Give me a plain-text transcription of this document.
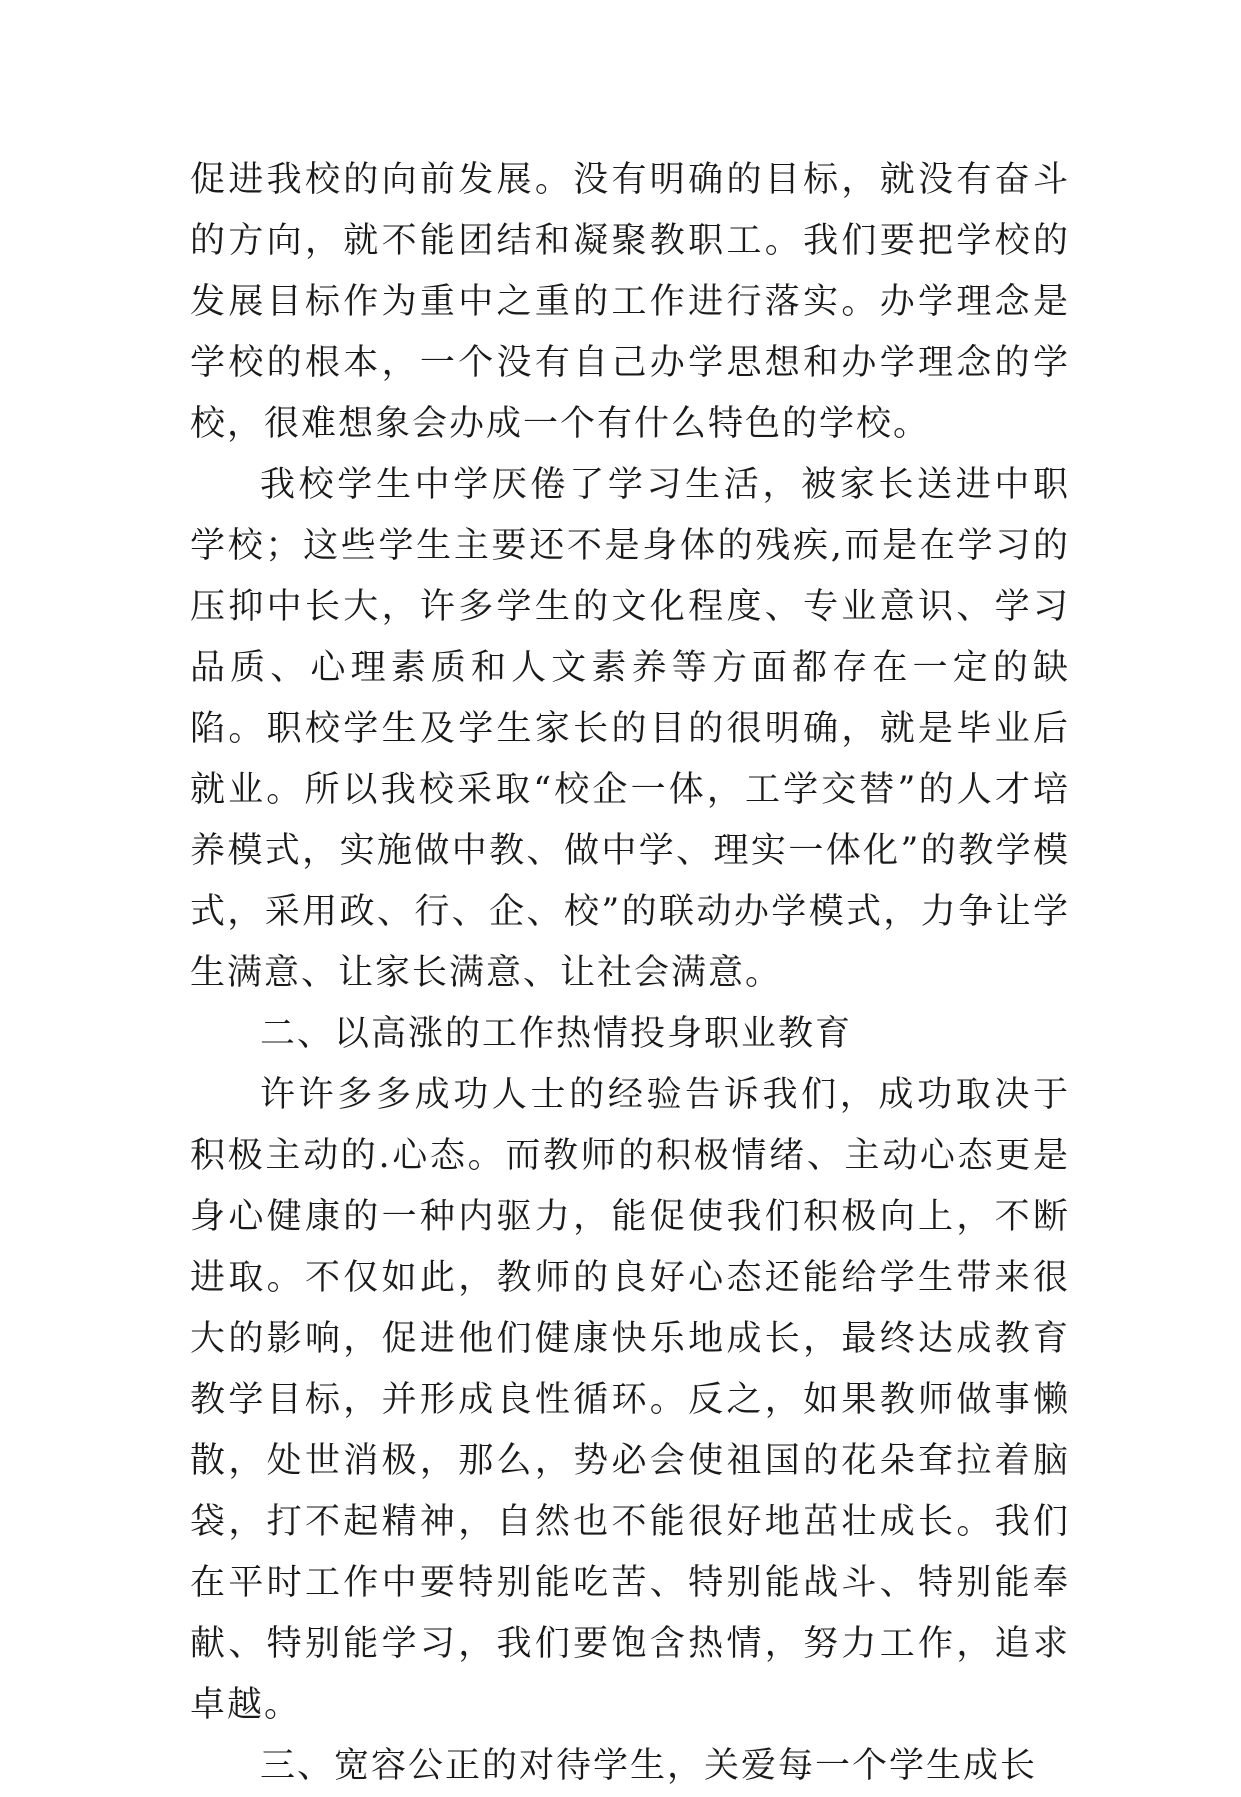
促进我校的向前发展。没有明确的目标，就没有奋斗的方向，就不能团结和凝聚教职工。我们要把学校的发展目标作为重中之重的工作进行落实。办学理念是学校的根本，一个没有自己办学思想和办学理念的学校，很难想象会办成一个有什么特色的学校。

我校学生中学厌倦了学习生活，被家长送进中职学校；这些学生主要还不是身体的残疾,而是在学习的压抑中长大，许多学生的文化程度、专业意识、学习品质、心理素质和人文素养等方面都存在一定的缺陷。职校学生及学生家长的目的很明确，就是毕业后就业。所以我校采取“校企一体，工学交替”的人才培养模式，实施做中教、做中学、理实一体化”的教学模式，采用政、行、企、校”的联动办学模式，力争让学生满意、让家长满意、让社会满意。

二、以高涨的工作热情投身职业教育

许许多多成功人士的经验告诉我们，成功取决于积极主动的.心态。而教师的积极情绪、主动心态更是身心健康的一种内驱力，能促使我们积极向上，不断进取。不仅如此，教师的良好心态还能给学生带来很大的影响，促进他们健康快乐地成长，最终达成教育教学目标，并形成良性循环。反之，如果教师做事懒散，处世消极，那么，势必会使祖国的花朵耷拉着脑袋，打不起精神，自然也不能很好地茁壮成长。我们在平时工作中要特别能吃苦、特别能战斗、特别能奉献、特别能学习，我们要饱含热情，努力工作，追求卓越。

三、宽容公正的对待学生，关爱每一个学生成长
